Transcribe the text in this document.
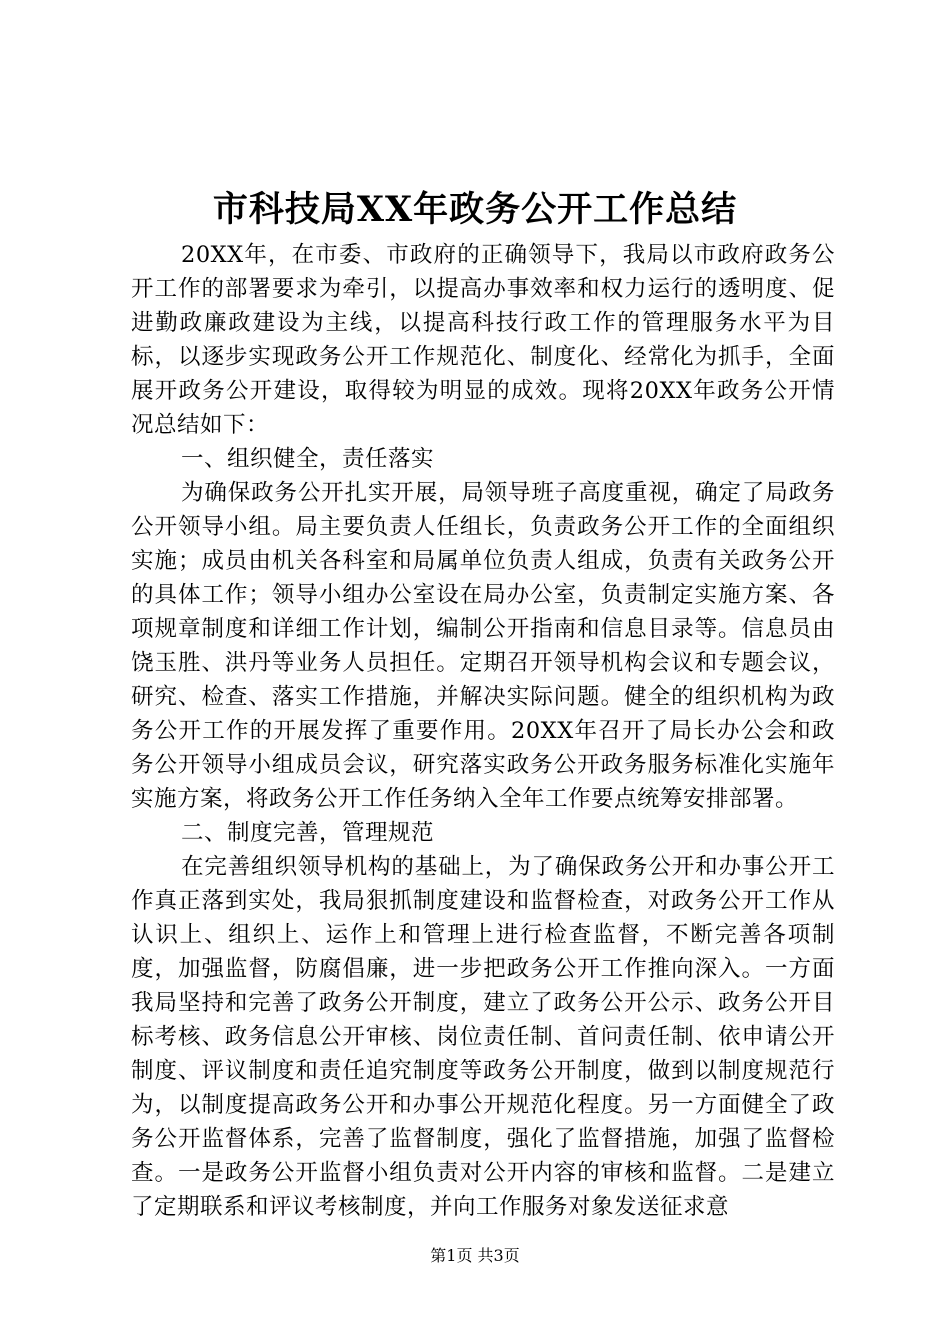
市科技局XX年政务公开工作总结

20XX年，在市委、市政府的正确领导下，我局以市政府政务公开工作的部署要求为牵引，以提高办事效率和权力运行的透明度、促进勤政廉政建设为主线，以提高科技行政工作的管理服务水平为目标，以逐步实现政务公开工作规范化、制度化、经常化为抓手，全面展开政务公开建设，取得较为明显的成效。现将20XX年政务公开情况总结如下：

一、组织健全，责任落实

为确保政务公开扎实开展，局领导班子高度重视，确定了局政务公开领导小组。局主要负责人任组长，负责政务公开工作的全面组织实施；成员由机关各科室和局属单位负责人组成，负责有关政务公开的具体工作；领导小组办公室设在局办公室，负责制定实施方案、各项规章制度和详细工作计划，编制公开指南和信息目录等。信息员由饶玉胜、洪丹等业务人员担任。定期召开领导机构会议和专题会议，研究、检查、落实工作措施，并解决实际问题。健全的组织机构为政务公开工作的开展发挥了重要作用。20XX年召开了局长办公会和政务公开领导小组成员会议，研究落实政务公开政务服务标准化实施年实施方案，将政务公开工作任务纳入全年工作要点统筹安排部署。

二、制度完善，管理规范

在完善组织领导机构的基础上，为了确保政务公开和办事公开工作真正落到实处，我局狠抓制度建设和监督检查，对政务公开工作从认识上、组织上、运作上和管理上进行检查监督，不断完善各项制度，加强监督，防腐倡廉，进一步把政务公开工作推向深入。一方面我局坚持和完善了政务公开制度，建立了政务公开公示、政务公开目标考核、政务信息公开审核、岗位责任制、首问责任制、依申请公开制度、评议制度和责任追究制度等政务公开制度，做到以制度规范行为，以制度提高政务公开和办事公开规范化程度。另一方面健全了政务公开监督体系，完善了监督制度，强化了监督措施，加强了监督检查。一是政务公开监督小组负责对公开内容的审核和监督。二是建立了定期联系和评议考核制度，并向工作服务对象发送征求意

第1页 共3页
